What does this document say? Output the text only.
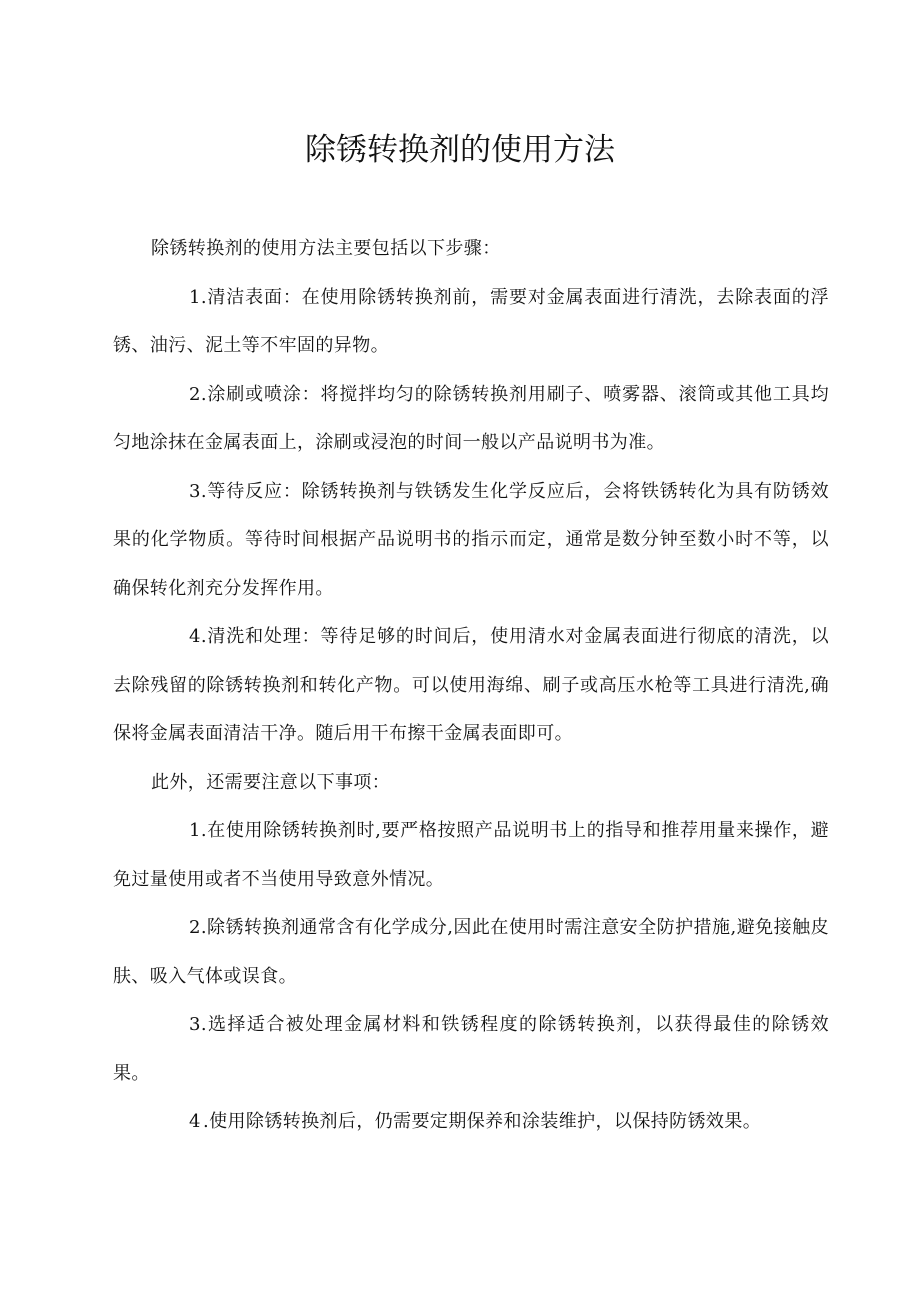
除锈转换剂的使用方法

除锈转换剂的使用方法主要包括以下步骤：

1.清洁表面：在使用除锈转换剂前，需要对金属表面进行清洗，去除表面的浮锈、油污、泥土等不牢固的异物。

2.涂刷或喷涂：将搅拌均匀的除锈转换剂用刷子、喷雾器、滚筒或其他工具均匀地涂抹在金属表面上，涂刷或浸泡的时间一般以产品说明书为准。

3.等待反应：除锈转换剂与铁锈发生化学反应后，会将铁锈转化为具有防锈效果的化学物质。等待时间根据产品说明书的指示而定，通常是数分钟至数小时不等，以确保转化剂充分发挥作用。

4.清洗和处理：等待足够的时间后，使用清水对金属表面进行彻底的清洗，以去除残留的除锈转换剂和转化产物。可以使用海绵、刷子或高压水枪等工具进行清洗,确保将金属表面清洁干净。随后用干布擦干金属表面即可。

此外，还需要注意以下事项：

1.在使用除锈转换剂时,要严格按照产品说明书上的指导和推荐用量来操作，避免过量使用或者不当使用导致意外情况。

2.除锈转换剂通常含有化学成分,因此在使用时需注意安全防护措施,避免接触皮肤、吸入气体或误食。

3.选择适合被处理金属材料和铁锈程度的除锈转换剂，以获得最佳的除锈效果。

4 .使用除锈转换剂后，仍需要定期保养和涂装维护，以保持防锈效果。
